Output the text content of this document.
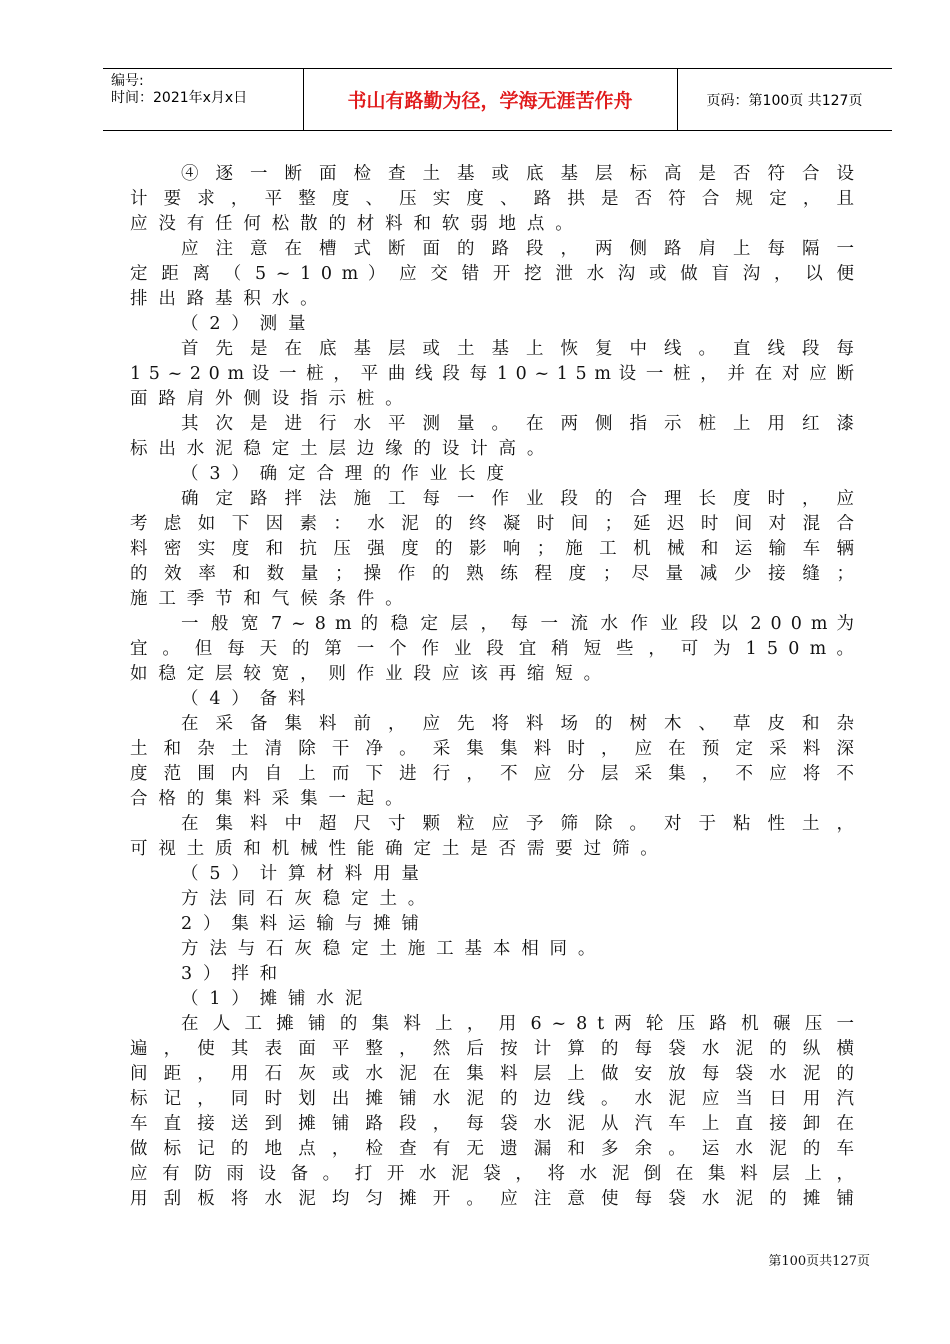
编号:
时间：2021年x月x日	书山有路勤为径，学海无涯苦作舟	页码：第100页 共127页
④ 逐 一 断 面 检 查 土 基 或 底 基 层 标 高 是 否 符 合 设
计 要 求 ， 平 整 度 、 压 实 度 、 路 拱 是 否 符 合 规 定 ， 且
应没有任何松散的材料和软弱地点。
应 注 意 在 槽 式 断 面 的 路 段 ， 两 侧 路 肩 上 每 隔 一
定 距 离 （ 5 ~ 1 0 m ） 应 交 错 开 挖 泄 水 沟 或 做 盲 沟 ， 以 便
排出路基积水。
（2）测量
首 先 是 在 底 基 层 或 土 基 上 恢 复 中 线 。 直 线 段 每
1 5 ~ 2 0 m 设 一 桩 ， 平 曲 线 段 每 1 0 ~ 1 5 m 设 一 桩 ， 并 在 对 应 断
面路肩外侧设指示桩。
其 次 是 进 行 水 平 测 量 。 在 两 侧 指 示 桩 上 用 红 漆
标出水泥稳定土层边缘的设计高。
（3）确定合理的作业长度
确 定 路 拌 法 施 工 每 一 作 业 段 的 合 理 长 度 时 ， 应
考 虑 如 下 因 素 ： 水 泥 的 终 凝 时 间 ； 延 迟 时 间 对 混 合
料 密 实 度 和 抗 压 强 度 的 影 响 ； 施 工 机 械 和 运 输 车 辆
的 效 率 和 数 量 ； 操 作 的 熟 练 程 度 ； 尽 量 减 少 接 缝 ；
施工季节和气候条件。
一 般 宽 7 ~ 8 m 的 稳 定 层 ， 每 一 流 水 作 业 段 以 2 0 0 m 为
宜 。 但 每 天 的 第 一 个 作 业 段 宜 稍 短 些 ， 可 为 1 5 0 m 。
如稳定层较宽，则作业段应该再缩短。
（4）备料
在 采 备 集 料 前 ， 应 先 将 料 场 的 树 木 、 草 皮 和 杂
土 和 杂 土 清 除 干 净 。 采 集 集 料 时 ， 应 在 预 定 采 料 深
度 范 围 内 自 上 而 下 进 行 ， 不 应 分 层 采 集 ， 不 应 将 不
合格的集料采集一起。
在 集 料 中 超 尺 寸 颗 粒 应 予 筛 除 。 对 于 粘 性 土 ，
可视土质和机械性能确定土是否需要过筛。
（5）计算材料用量
方法同石灰稳定土。
2）集料运输与摊铺
方法与石灰稳定土施工基本相同。
3）拌和
（1）摊铺水泥
在 人 工 摊 铺 的 集 料 上 ， 用 6 ~ 8 t 两 轮 压 路 机 碾 压 一
遍 ， 使 其 表 面 平 整 ， 然 后 按 计 算 的 每 袋 水 泥 的 纵 横
间 距 ， 用 石 灰 或 水 泥 在 集 料 层 上 做 安 放 每 袋 水 泥 的
标 记 ， 同 时 划 出 摊 铺 水 泥 的 边 线 。 水 泥 应 当 日 用 汽
车 直 接 送 到 摊 铺 路 段 ， 每 袋 水 泥 从 汽 车 上 直 接 卸 在
做 标 记 的 地 点 ， 检 查 有 无 遗 漏 和 多 余 。 运 水 泥 的 车
应 有 防 雨 设 备 。 打 开 水 泥 袋 ， 将 水 泥 倒 在 集 料 层 上 ，
用 刮 板 将 水 泥 均 匀 摊 开 。 应 注 意 使 每 袋 水 泥 的 摊 铺
第100页共127页
